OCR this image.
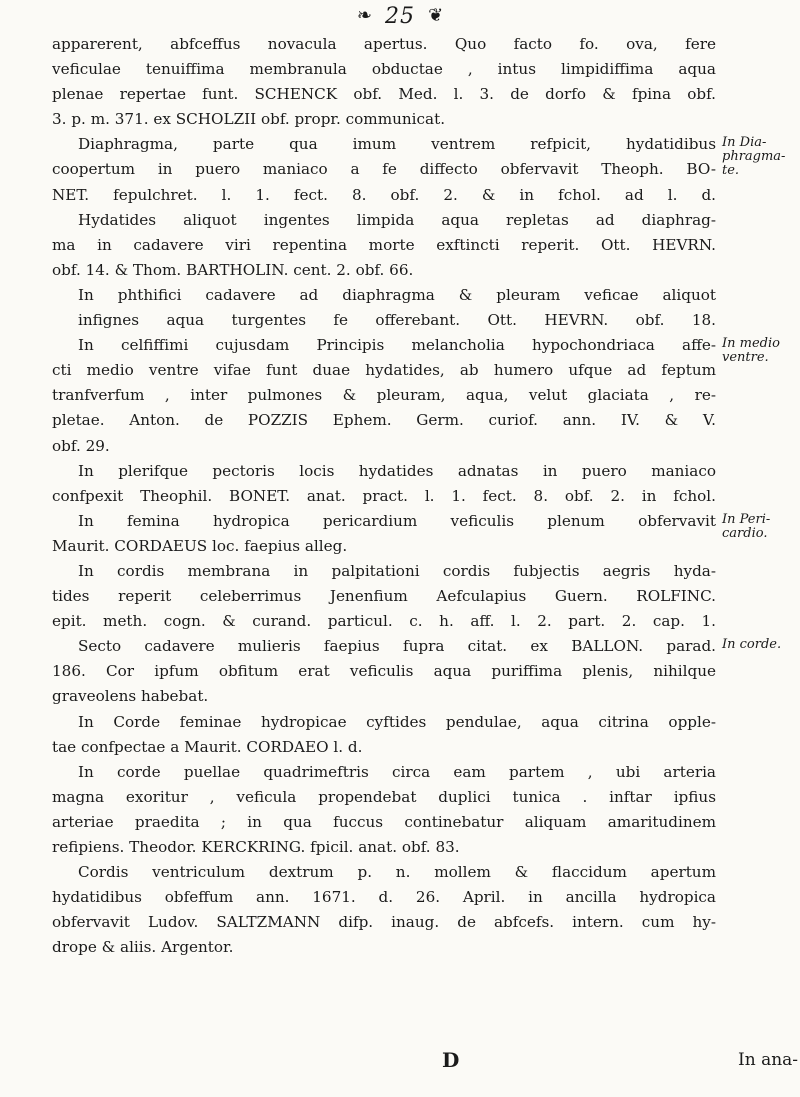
❧ 25 ❦
apparerent, abfceffus novacula apertus. Quo facto fo. ova, fere
veficulae tenuiffima membranula obductae , intus limpidiffima aqua
plenae repertae funt. SCHENCK obf. Med. l. 3. de dorfo & fpina obf.
3. p. m. 371. ex SCHOLZII obf. propr. communicat.
Diaphragma, parte qua imum ventrem refpicit, hydatidibus
coopertum in puero maniaco a fe diffecto obfervavit Theoph. BO-
NET. fepulchret. l. 1. fect. 8. obf. 2. & in fchol. ad l. d.
Hydatides aliquot ingentes limpida aqua repletas ad diaphrag-
ma in cadavere viri repentina morte exftincti reperit. Ott. HEVRN.
obf. 14. & Thom. BARTHOLIN. cent. 2. obf. 66.
In phthifici cadavere ad diaphragma & pleuram veficae aliquot
infignes aqua turgentes fe offerebant. Ott. HEVRN. obf. 18.
In celfiffimi cujusdam Principis melancholia hypochondriaca affe-
cti medio ventre vifae funt duae hydatides, ab humero ufque ad feptum
tranfverfum , inter pulmones & pleuram, aqua, velut glaciata , re-
pletae. Anton. de POZZIS Ephem. Germ. curiof. ann. IV. & V.
obf. 29.
In plerifque pectoris locis hydatides adnatas in puero maniaco
confpexit Theophil. BONET. anat. pract. l. 1. fect. 8. obf. 2. in fchol.
In femina hydropica pericardium veficulis plenum obfervavit
Maurit. CORDAEUS loc. faepius alleg.
In cordis membrana in palpitationi cordis fubjectis aegris hyda-
tides reperit celeberrimus Jenenfium Aefculapius Guern. ROLFINC.
epit. meth. cogn. & curand. particul. c. h. aff. l. 2. part. 2. cap. 1.
Secto cadavere mulieris faepius fupra citat. ex BALLON. parad.
186. Cor ipfum obfitum erat veficulis aqua puriffima plenis, nihilque
graveolens habebat.
In Corde feminae hydropicae cyftides pendulae, aqua citrina opple-
tae confpectae a Maurit. CORDAEO l. d.
In corde puellae quadrimeftris circa eam partem , ubi arteria
magna exoritur , veficula propendebat duplici tunica . inftar ipfius
arteriae praedita ; in qua fuccus continebatur aliquam amaritudinem
refipiens. Theodor. KERCKRING. fpicil. anat. obf. 83.
Cordis ventriculum dextrum p. n. mollem & flaccidum apertum
hydatidibus obfeffum ann. 1671. d. 26. April. in ancilla hydropica
obfervavit Ludov. SALTZMANN difp. inaug. de abfcefs. intern. cum hy-
drope & aliis. Argentor.
In Dia-phragma-te.
In medio ventre.
In Peri-cardio.
In corde.
D	In ana-
